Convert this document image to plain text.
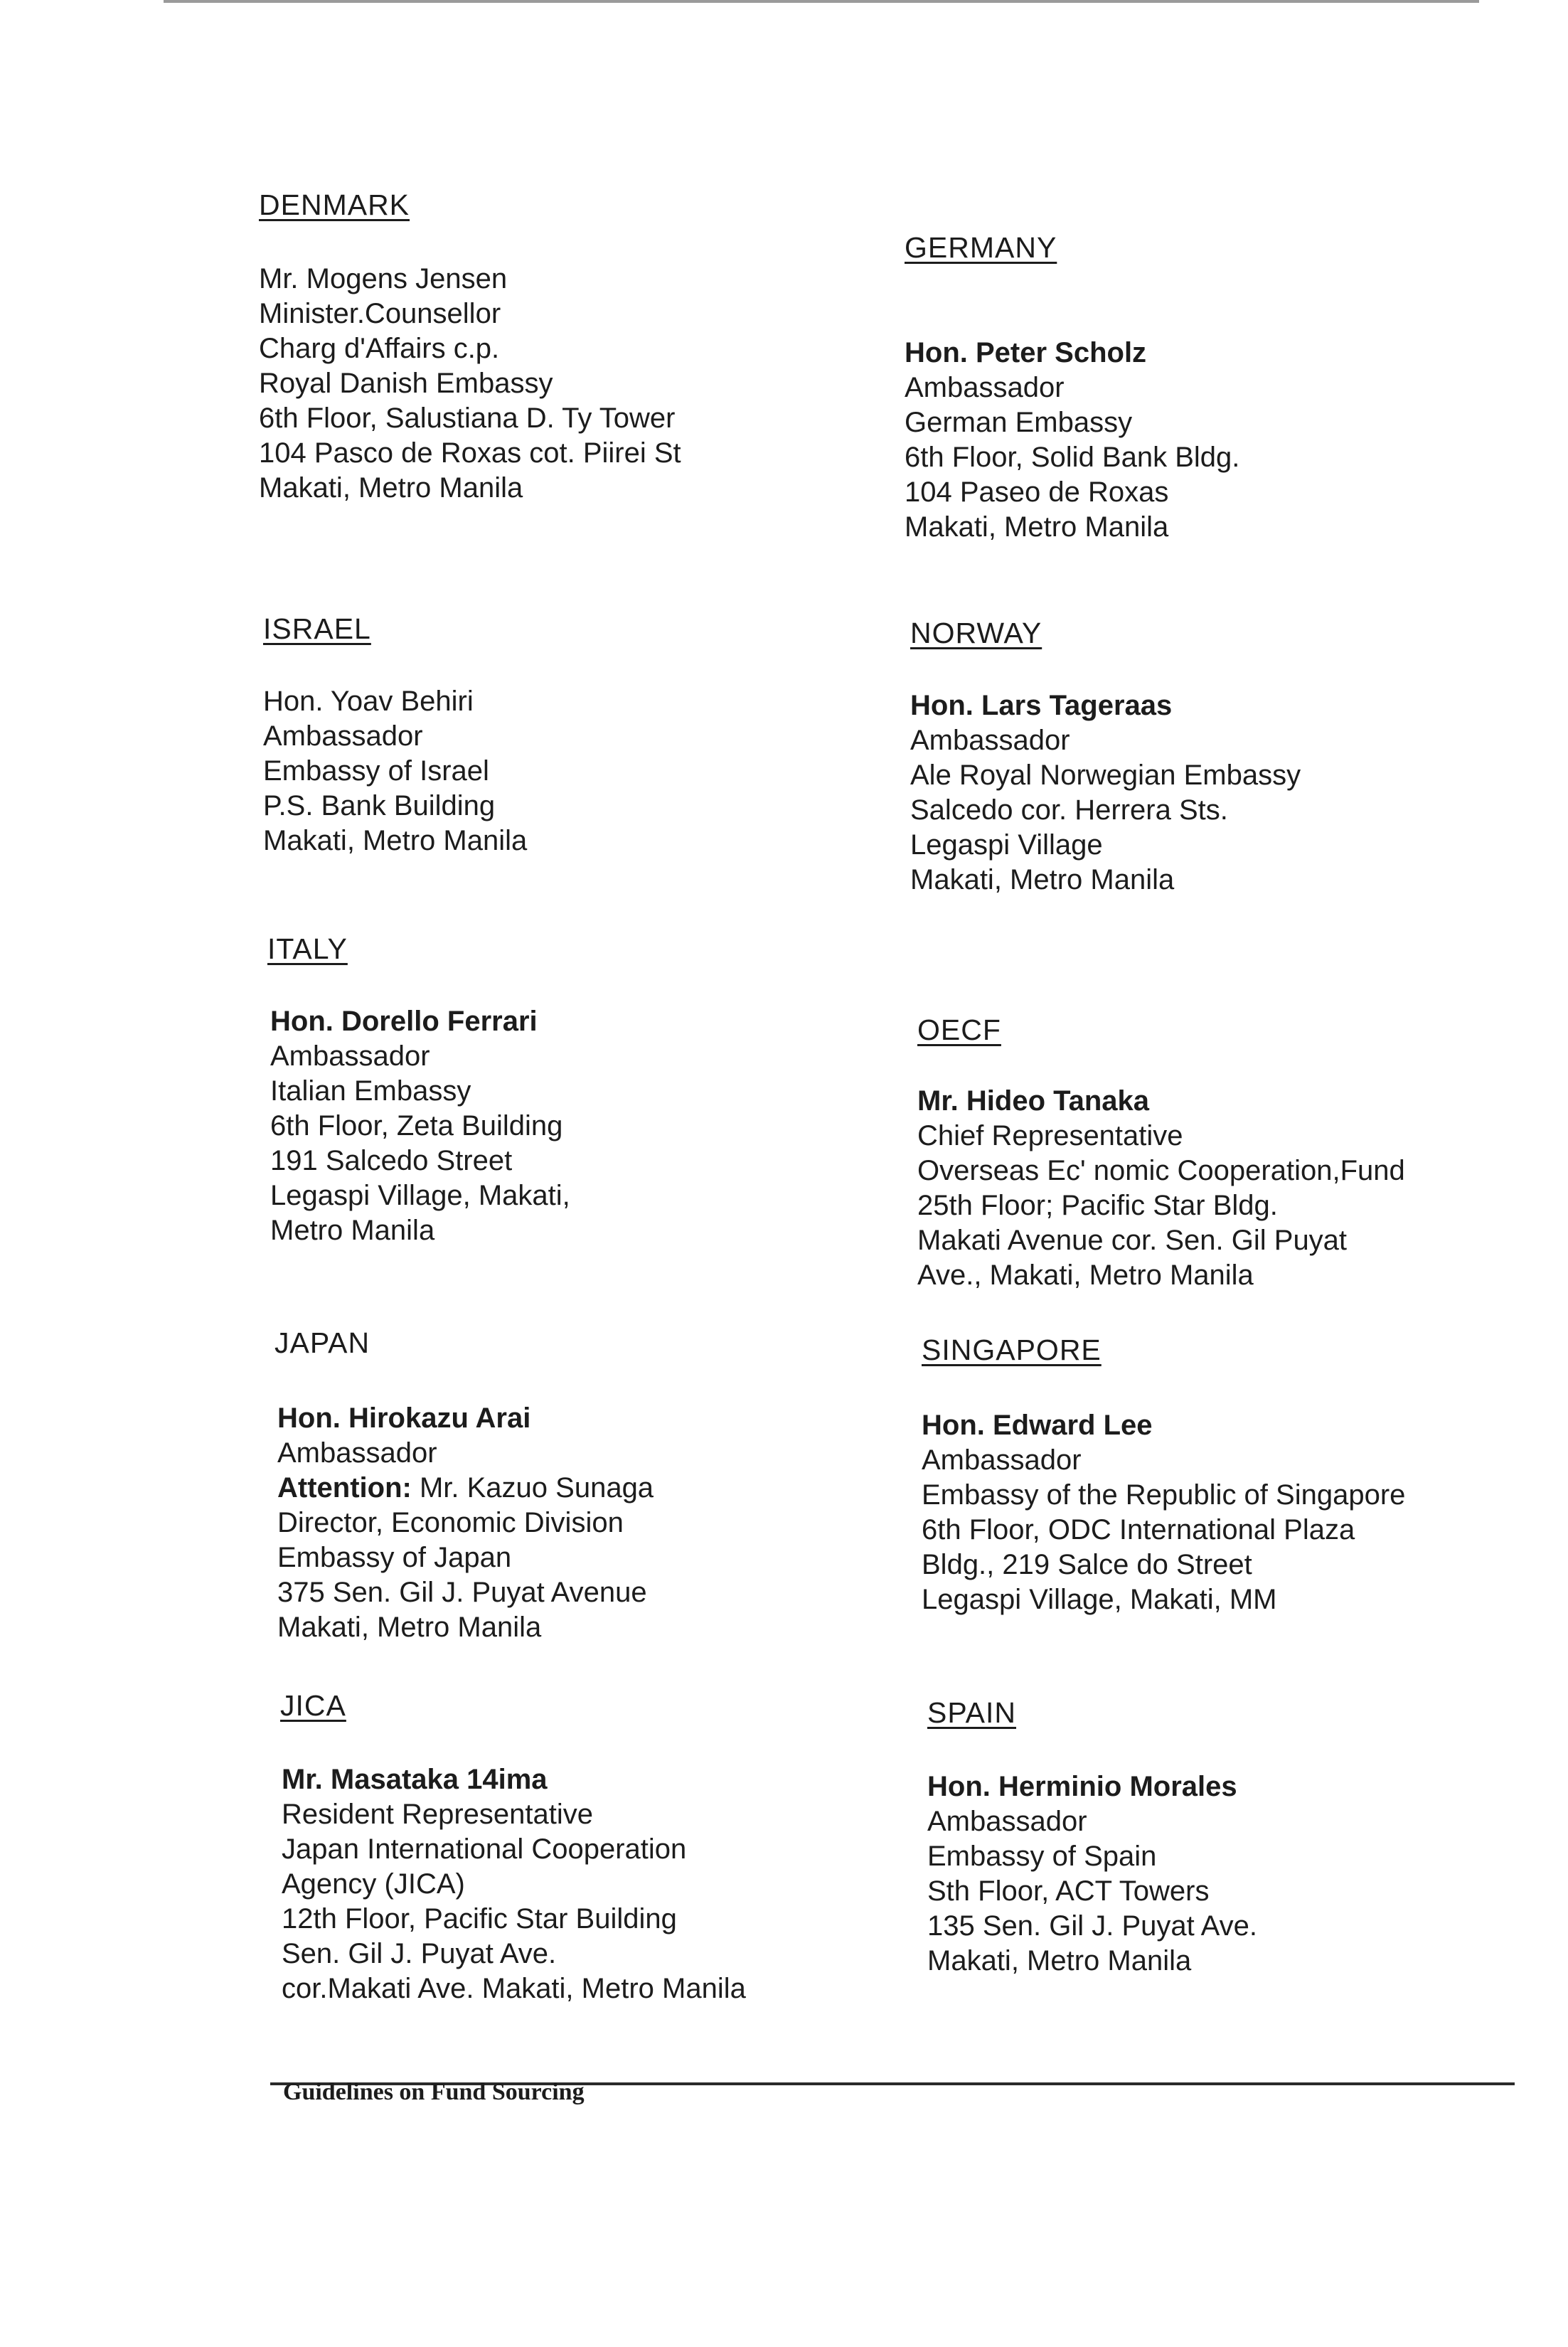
DENMARK
Mr. Mogens Jensen
Minister.Counsellor
Charg d'Affairs c.p.
Royal Danish Embassy
6th Floor, Salustiana D. Ty Tower
104 Pasco de Roxas cot. Piirei St
Makati, Metro Manila
ISRAEL
Hon. Yoav Behiri
Ambassador
Embassy of Israel
P.S. Bank Building
Makati, Metro Manila
ITALY
Hon. Dorello Ferrari
Ambassador
Italian Embassy
6th Floor, Zeta Building
191 Salcedo Street
Legaspi Village, Makati,
Metro Manila
JAPAN
Hon. Hirokazu Arai
Ambassador
Attention: Mr. Kazuo Sunaga
Director, Economic Division
Embassy of Japan
375 Sen. Gil J. Puyat Avenue
Makati, Metro Manila
JICA
Mr. Masataka 14ima
Resident Representative
Japan International Cooperation
Agency (JICA)
12th Floor, Pacific Star Building
Sen. Gil J. Puyat Ave.
cor.Makati Ave. Makati, Metro Manila
GERMANY
Hon. Peter Scholz
Ambassador
German Embassy
6th Floor, Solid Bank Bldg.
104 Paseo de Roxas
Makati, Metro Manila
NORWAY
Hon. Lars Tageraas
Ambassador
Ale Royal Norwegian Embassy
Salcedo cor. Herrera Sts.
Legaspi Village
Makati, Metro Manila
OECF
Mr. Hideo Tanaka
Chief Representative
Overseas Ec' nomic Cooperation,Fund
25th Floor; Pacific Star Bldg.
Makati Avenue cor. Sen. Gil Puyat
Ave., Makati, Metro Manila
SINGAPORE
Hon. Edward Lee
Ambassador
Embassy of the Republic of Singapore
6th Floor, ODC International Plaza
Bldg., 219 Salce do Street
Legaspi Village, Makati, MM
SPAIN
Hon. Herminio Morales
Ambassador
Embassy of Spain
Sth Floor, ACT Towers
135 Sen. Gil J. Puyat Ave.
Makati, Metro Manila
Guidelines on Fund Sourcing
